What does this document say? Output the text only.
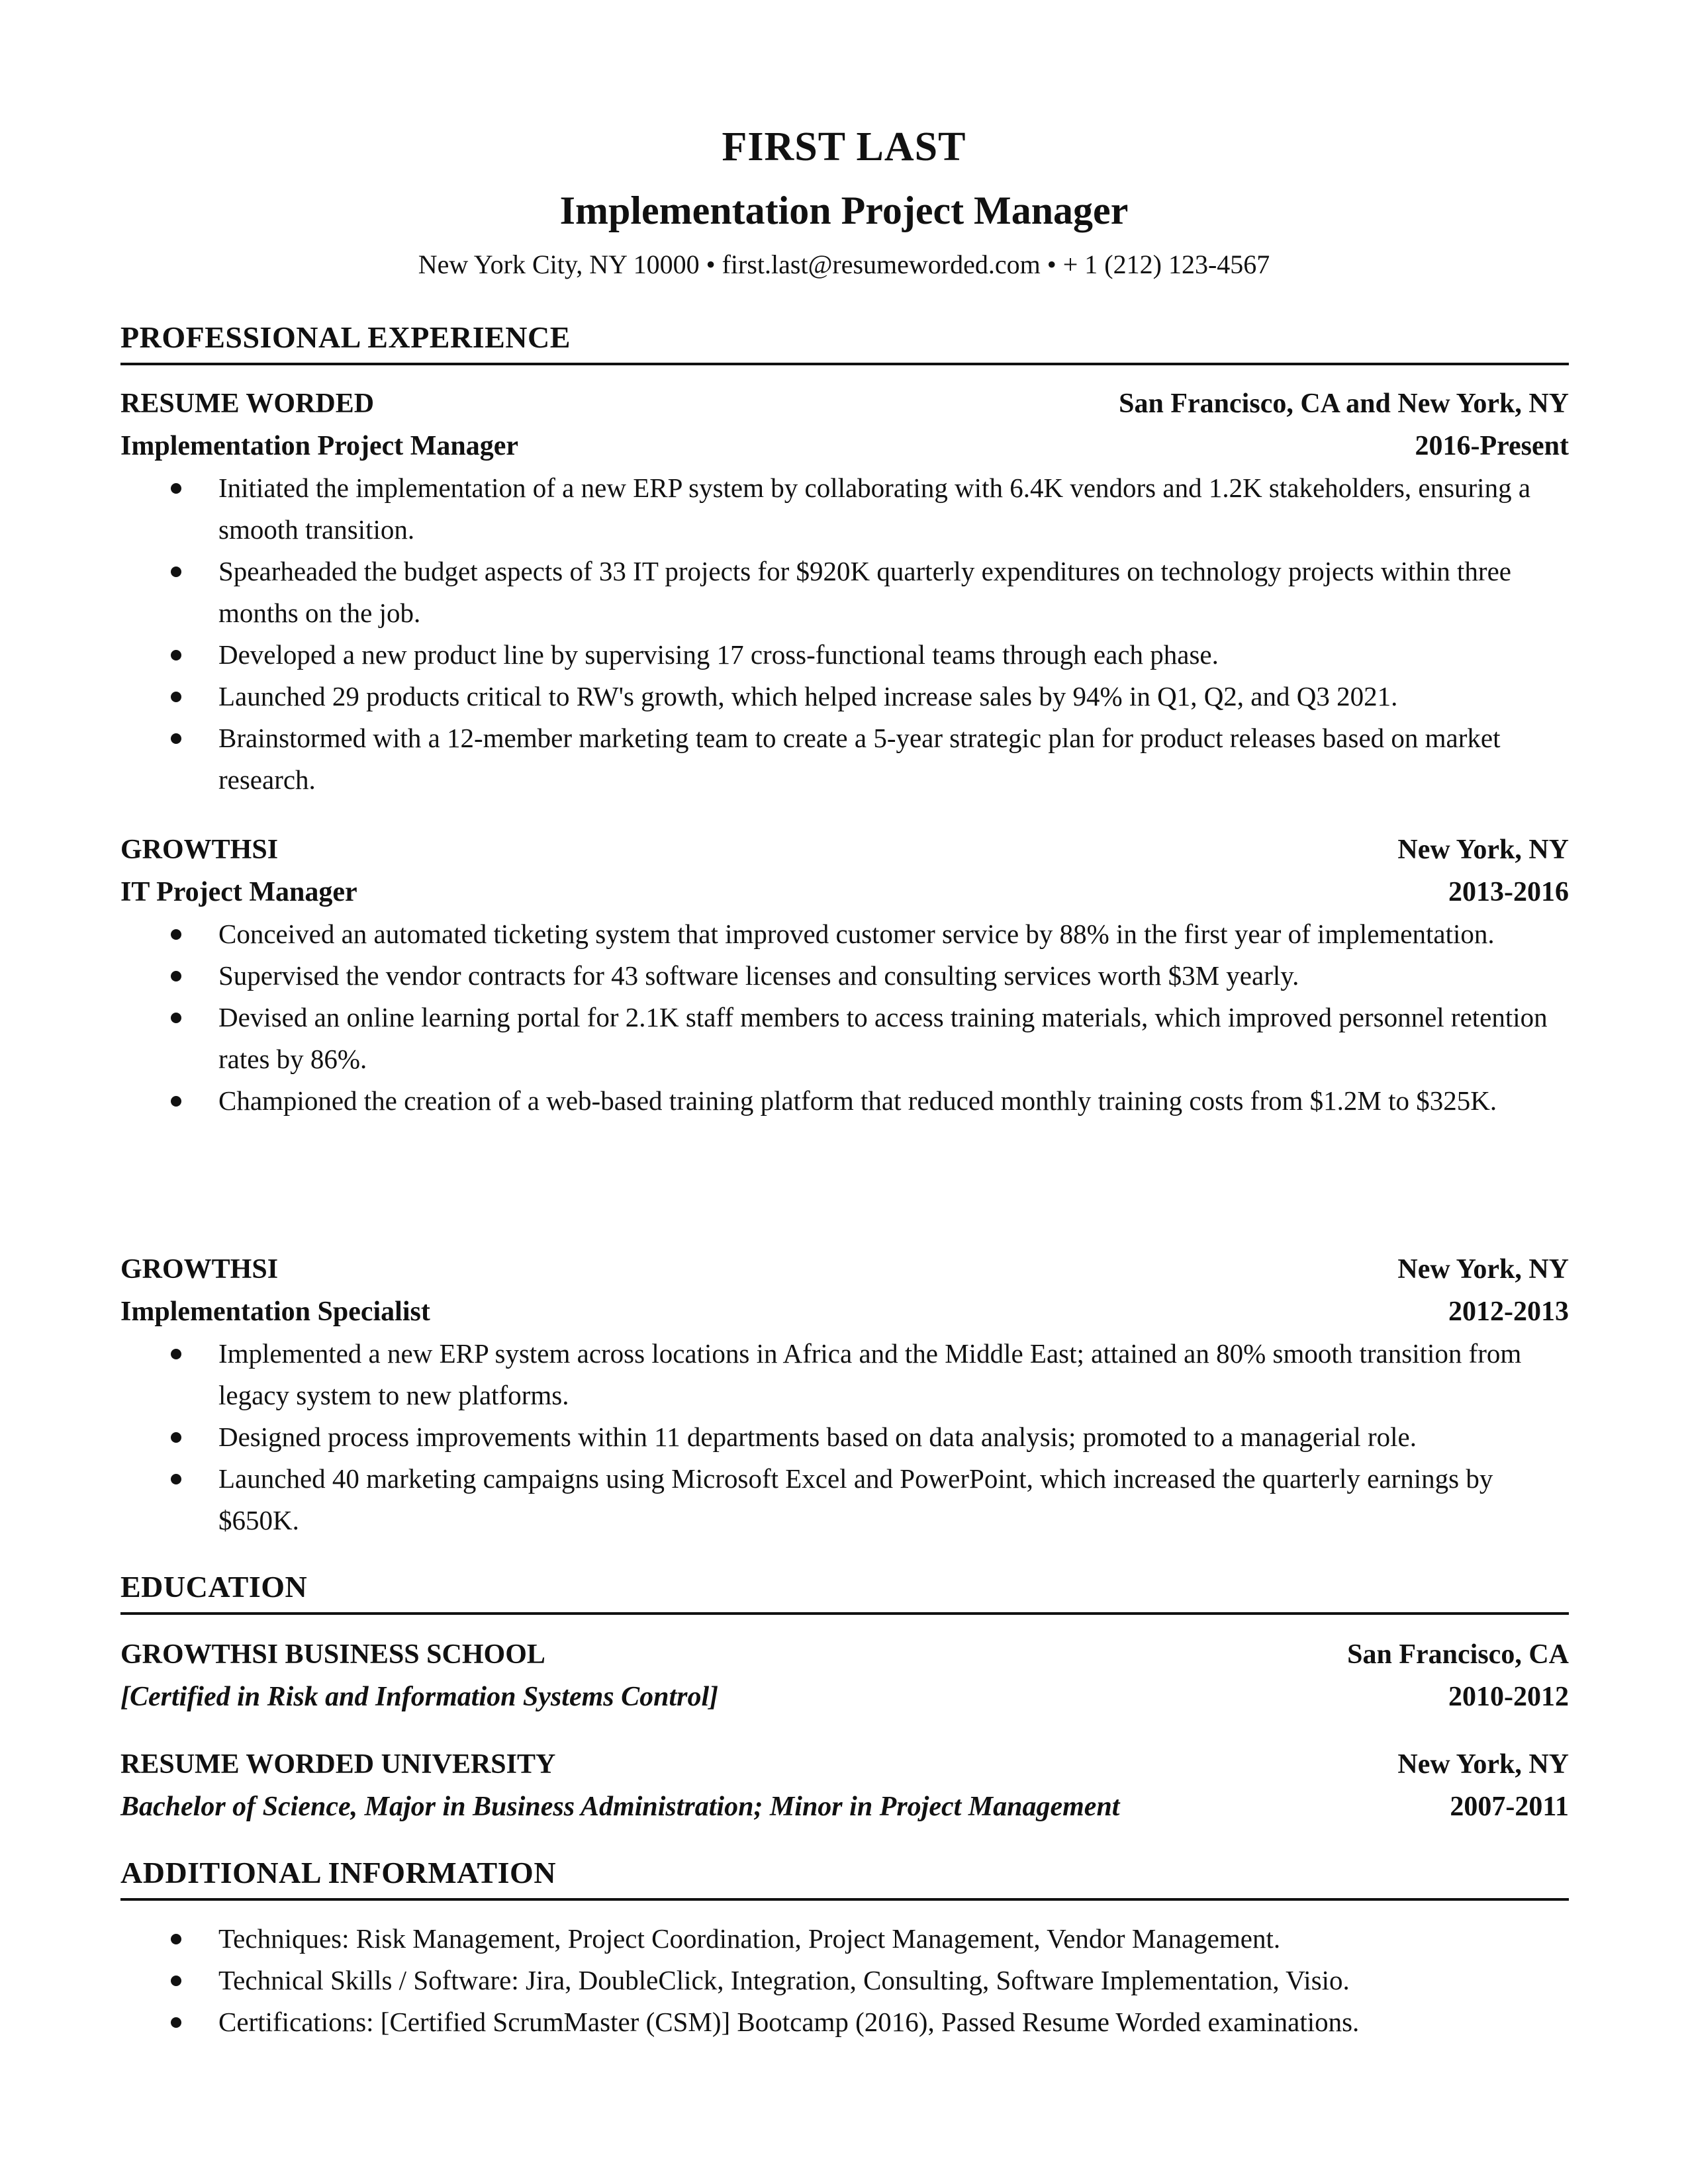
FIRST LAST
Implementation Project Manager
New York City, NY 10000 • first.last@resumeworded.com • + 1 (212) 123-4567
PROFESSIONAL EXPERIENCE
RESUME WORDED	San Francisco, CA and New York, NY
Implementation Project Manager	2016-Present
Initiated the implementation of a new ERP system by collaborating with 6.4K vendors and 1.2K stakeholders, ensuring a smooth transition.
Spearheaded the budget aspects of 33 IT projects for $920K quarterly expenditures on technology projects within three months on the job.
Developed a new product line by supervising 17 cross-functional teams through each phase.
Launched 29 products critical to RW's growth, which helped increase sales by 94% in Q1, Q2, and Q3 2021.
Brainstormed with a 12-member marketing team to create a 5-year strategic plan for product releases based on market research.
GROWTHSI	New York, NY
IT Project Manager	2013-2016
Conceived an automated ticketing system that improved customer service by 88% in the first year of implementation.
Supervised the vendor contracts for 43 software licenses and consulting services worth $3M yearly.
Devised an online learning portal for 2.1K staff members to access training materials, which improved personnel retention rates by 86%.
Championed the creation of a web-based training platform that reduced monthly training costs from $1.2M to $325K.
GROWTHSI	New York, NY
Implementation Specialist	2012-2013
Implemented a new ERP system across locations in Africa and the Middle East; attained an 80% smooth transition from legacy system to new platforms.
Designed process improvements within 11 departments based on data analysis; promoted to a managerial role.
Launched 40 marketing campaigns using Microsoft Excel and PowerPoint, which increased the quarterly earnings by $650K.
EDUCATION
GROWTHSI BUSINESS SCHOOL	San Francisco, CA
[Certified in Risk and Information Systems Control]	2010-2012
RESUME WORDED UNIVERSITY	New York, NY
Bachelor of Science, Major in Business Administration; Minor in Project Management	2007-2011
ADDITIONAL INFORMATION
Techniques: Risk Management, Project Coordination, Project Management, Vendor Management.
Technical Skills / Software: Jira, DoubleClick, Integration, Consulting, Software Implementation, Visio.
Certifications: [Certified ScrumMaster (CSM)] Bootcamp (2016), Passed Resume Worded examinations.
